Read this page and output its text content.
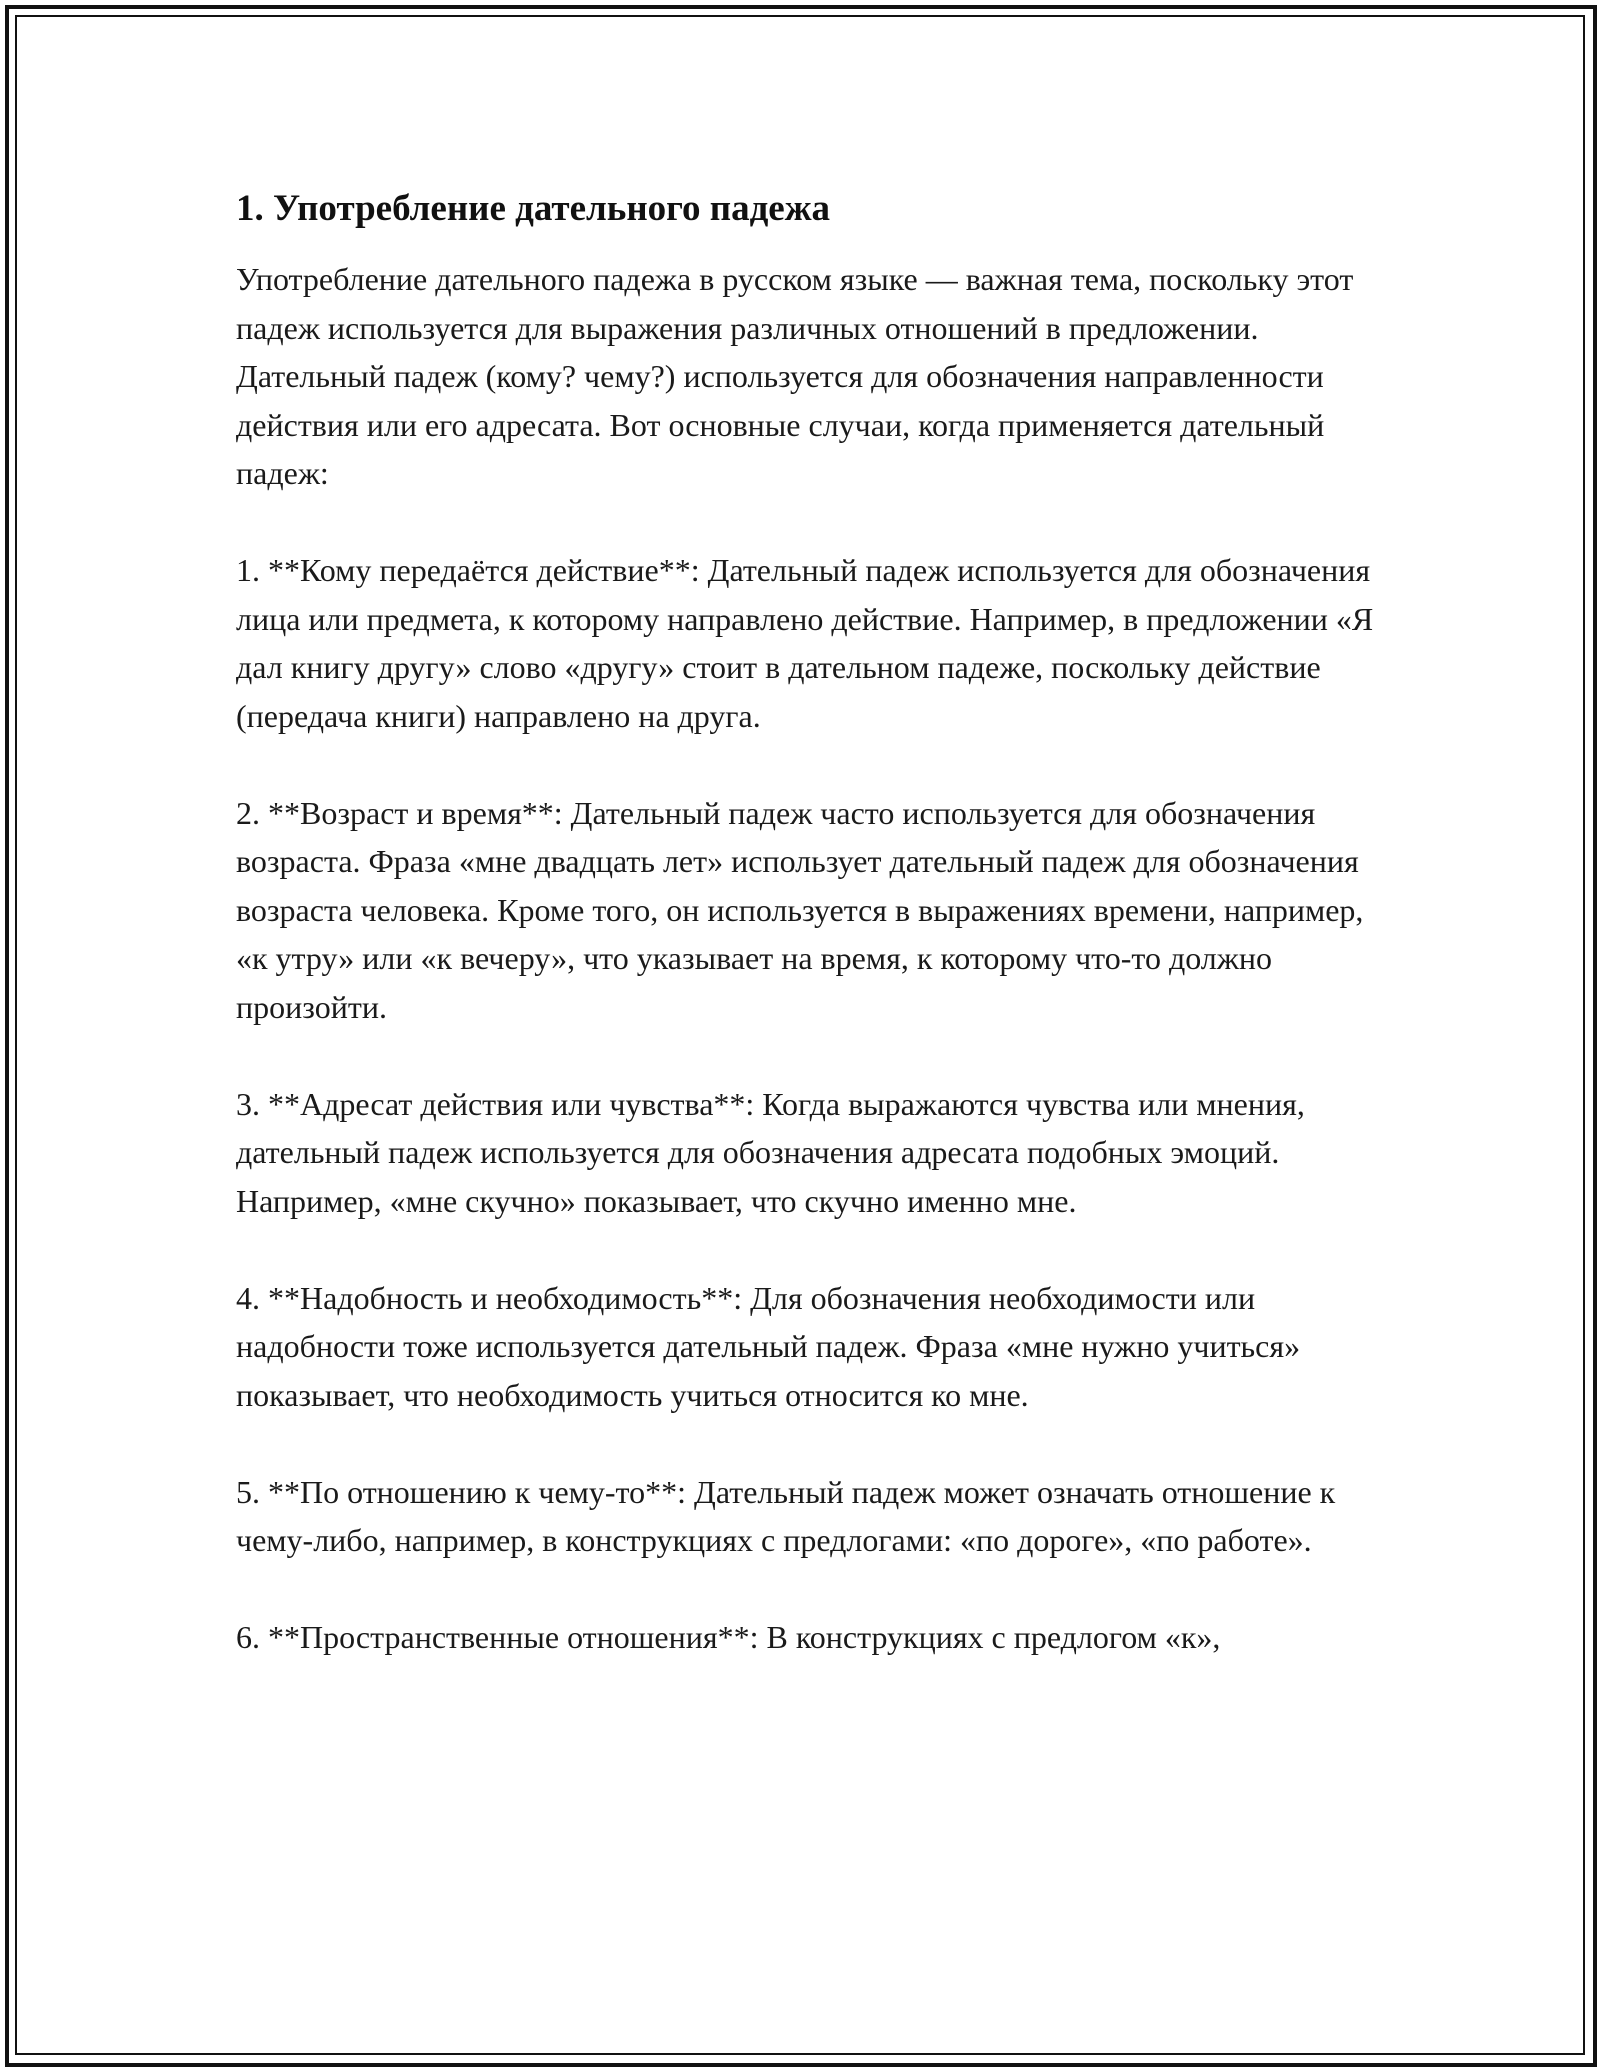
1. Употребление дательного падежа

Употребление дательного падежа в русском языке — важная тема, поскольку этот падеж используется для выражения различных отношений в предложении. Дательный падеж (кому? чему?) используется для обозначения направленности действия или его адресата. Вот основные случаи, когда применяется дательный падеж:

1. **Кому передаётся действие**: Дательный падеж используется для обозначения лица или предмета, к которому направлено действие. Например, в предложении «Я дал книгу другу» слово «другу» стоит в дательном падеже, поскольку действие (передача книги) направлено на друга.

2. **Возраст и время**: Дательный падеж часто используется для обозначения возраста. Фраза «мне двадцать лет» использует дательный падеж для обозначения возраста человека. Кроме того, он используется в выражениях времени, например, «к утру» или «к вечеру», что указывает на время, к которому что-то должно произойти.

3. **Адресат действия или чувства**: Когда выражаются чувства или мнения, дательный падеж используется для обозначения адресата подобных эмоций. Например, «мне скучно» показывает, что скучно именно мне.

4. **Надобность и необходимость**: Для обозначения необходимости или надобности тоже используется дательный падеж. Фраза «мне нужно учиться» показывает, что необходимость учиться относится ко мне.

5. **По отношению к чему-то**: Дательный падеж может означать отношение к чему-либо, например, в конструкциях с предлогами: «по дороге», «по работе».

6. **Пространственные отношения**: В конструкциях с предлогом «к»,
